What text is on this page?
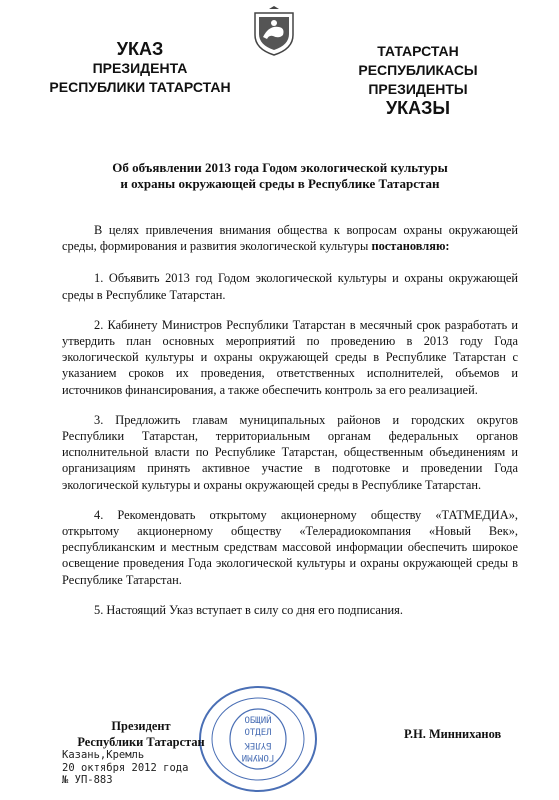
УКАЗ
ПРЕЗИДЕНТА
РЕСПУБЛИКИ ТАТАРСТАН
ТАТАРСТАН РЕСПУБЛИКАСЫ
ПРЕЗИДЕНТЫ
УКАЗЫ
Об объявлении 2013 года Годом экологической культуры
и охраны окружающей среды в Республике Татарстан

В целях привлечения внимания общества к вопросам охраны окружающей среды, формирования и развития экологической культуры постановляю:

1. Объявить 2013 год Годом экологической культуры и охраны окружающей среды в Республике Татарстан.

2. Кабинету Министров Республики Татарстан в месячный срок разработать и утвердить план основных мероприятий по проведению в 2013 году Года экологической культуры и охраны окружающей среды в Республике Татарстан с указанием сроков их проведения, ответственных исполнителей, объемов и источников финансирования, а также обеспечить контроль за его реализацией.

3. Предложить главам муниципальных районов и городских округов Республики Татарстан, территориальным органам федеральных органов исполнительной власти по Республике Татарстан, общественным объединениям и организациям принять активное участие в подготовке и проведении Года экологической культуры и охраны окружающей среды в Республике Татарстан.

4. Рекомендовать открытому акционерному обществу «ТАТМЕДИА», открытому акционерному обществу «Телерадиокомпания «Новый Век», республиканским и местным средствам массовой информации обеспечить широкое освещение проведения Года экологической культуры и охраны окружающей среды в Республике Татарстан.

5. Настоящий Указ вступает в силу со дня его подписания.

ОБЩИЙ
ОТДЕЛ
БҮЛЕК
ГОМУМИ
Президент
Республики Татарстан
Р.Н. Минниханов
Казань,Кремль
20 октября 2012 года
№ УП-883
